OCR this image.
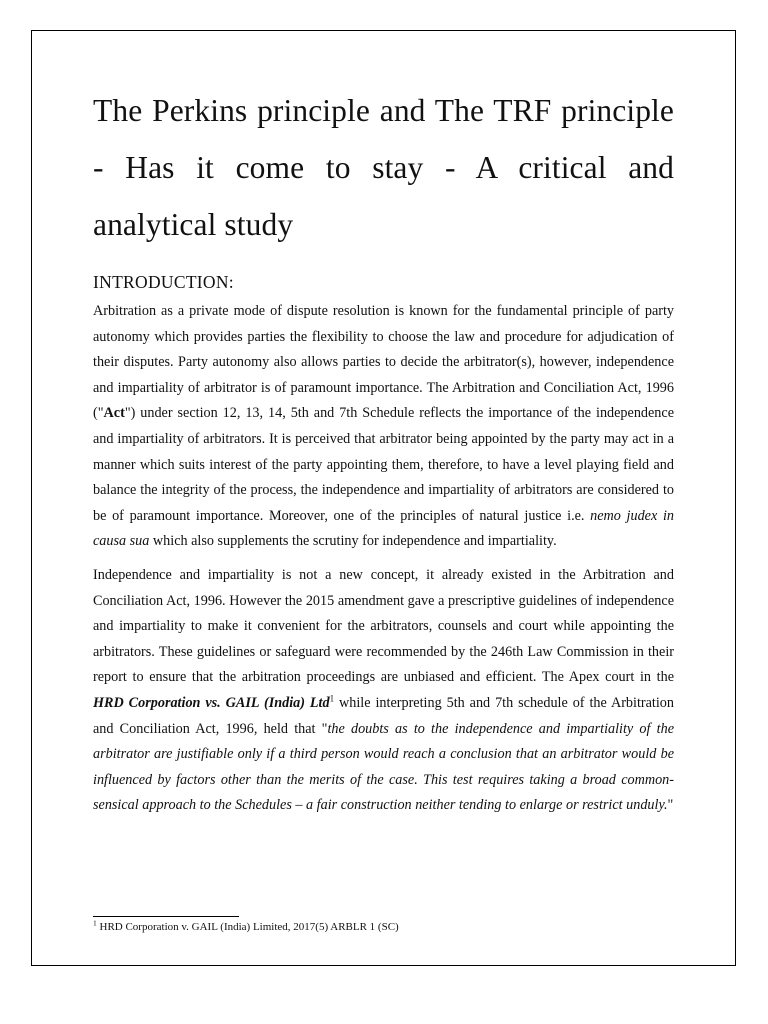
The Perkins principle and The TRF principle - Has it come to stay - A critical and analytical study
INTRODUCTION:

Arbitration as a private mode of dispute resolution is known for the fundamental principle of party autonomy which provides parties the flexibility to choose the law and procedure for adjudication of their disputes. Party autonomy also allows parties to decide the arbitrator(s), however, independence and impartiality of arbitrator is of paramount importance. The Arbitration and Conciliation Act, 1996 ("Act") under section 12, 13, 14, 5th and 7th Schedule reflects the importance of the independence and impartiality of arbitrators. It is perceived that arbitrator being appointed by the party may act in a manner which suits interest of the party appointing them, therefore, to have a level playing field and balance the integrity of the process, the independence and impartiality of arbitrators are considered to be of paramount importance. Moreover, one of the principles of natural justice i.e. nemo judex in causa sua which also supplements the scrutiny for independence and impartiality.

Independence and impartiality is not a new concept, it already existed in the Arbitration and Conciliation Act, 1996. However the 2015 amendment gave a prescriptive guidelines of independence and impartiality to make it convenient for the arbitrators, counsels and court while appointing the arbitrators. These guidelines or safeguard were recommended by the 246th Law Commission in their report to ensure that the arbitration proceedings are unbiased and efficient. The Apex court in the HRD Corporation vs. GAIL (India) Ltd$^1$ while interpreting 5th and 7th schedule of the Arbitration and Conciliation Act, 1996, held that "the doubts as to the independence and impartiality of the arbitrator are justifiable only if a third person would reach a conclusion that an arbitrator would be influenced by factors other than the merits of the case. This test requires taking a broad common-sensical approach to the Schedules – a fair construction neither tending to enlarge or restrict unduly."

$^1$ HRD Corporation v. GAIL (India) Limited, 2017(5) ARBLR 1 (SC)
